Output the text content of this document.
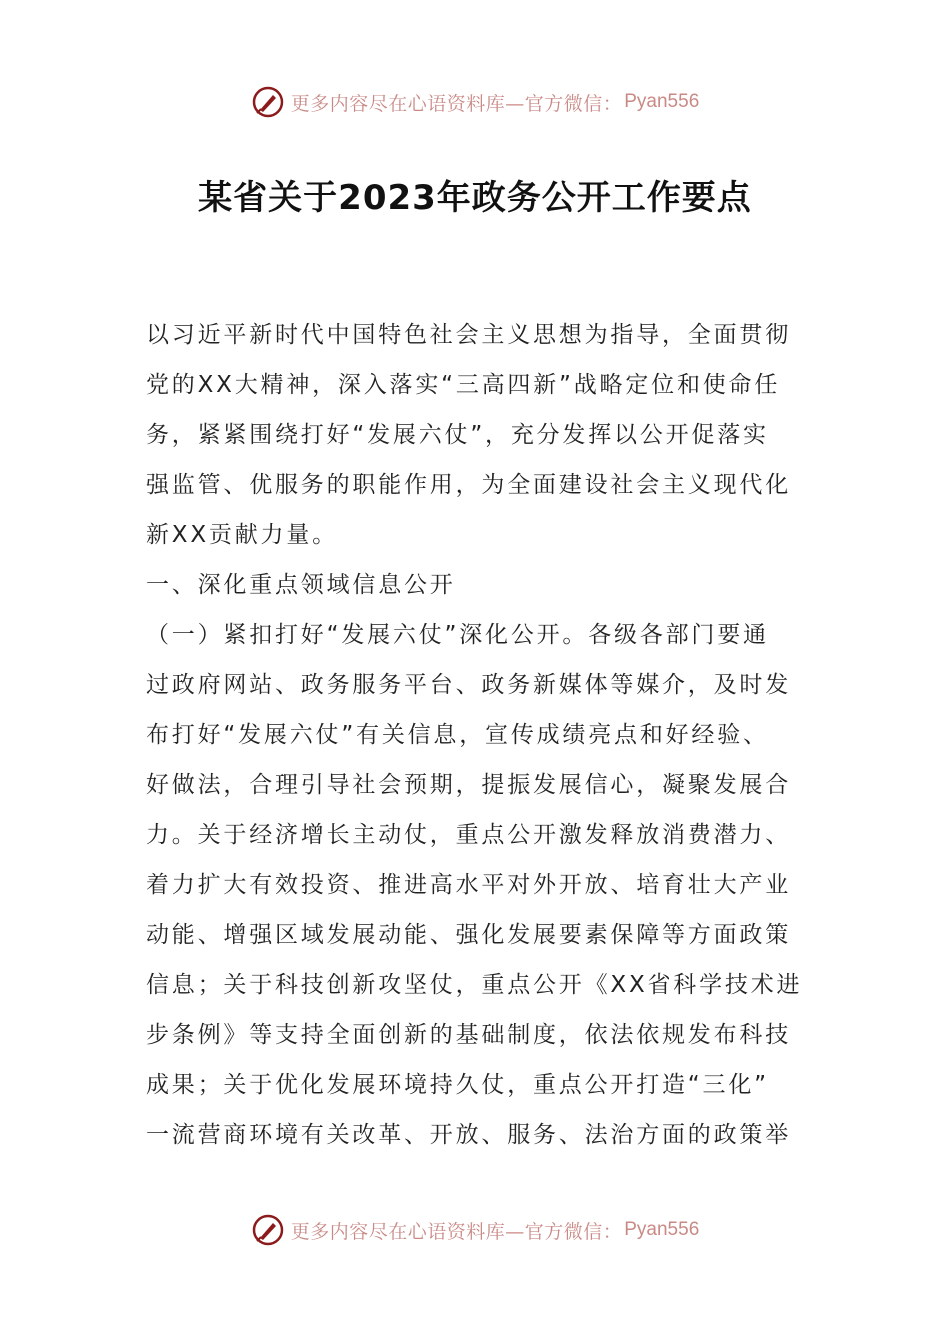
更多内容尽在心语资料库—官方微信： Pyan556
某省关于2023年政务公开工作要点
以习近平新时代中国特色社会主义思想为指导，全面贯彻
党的XX大精神，深入落实“三高四新”战略定位和使命任
务，紧紧围绕打好“发展六仗”，充分发挥以公开促落实
强监管、优服务的职能作用，为全面建设社会主义现代化
新XX贡献力量。
一、深化重点领域信息公开
（一）紧扣打好“发展六仗”深化公开。各级各部门要通
过政府网站、政务服务平台、政务新媒体等媒介，及时发
布打好“发展六仗”有关信息，宣传成绩亮点和好经验、
好做法，合理引导社会预期，提振发展信心，凝聚发展合
力。关于经济增长主动仗，重点公开激发释放消费潜力、
着力扩大有效投资、推进高水平对外开放、培育壮大产业
动能、增强区域发展动能、强化发展要素保障等方面政策
信息；关于科技创新攻坚仗，重点公开《XX省科学技术进
步条例》等支持全面创新的基础制度，依法依规发布科技
成果；关于优化发展环境持久仗，重点公开打造“三化”
一流营商环境有关改革、开放、服务、法治方面的政策举
更多内容尽在心语资料库—官方微信： Pyan556
